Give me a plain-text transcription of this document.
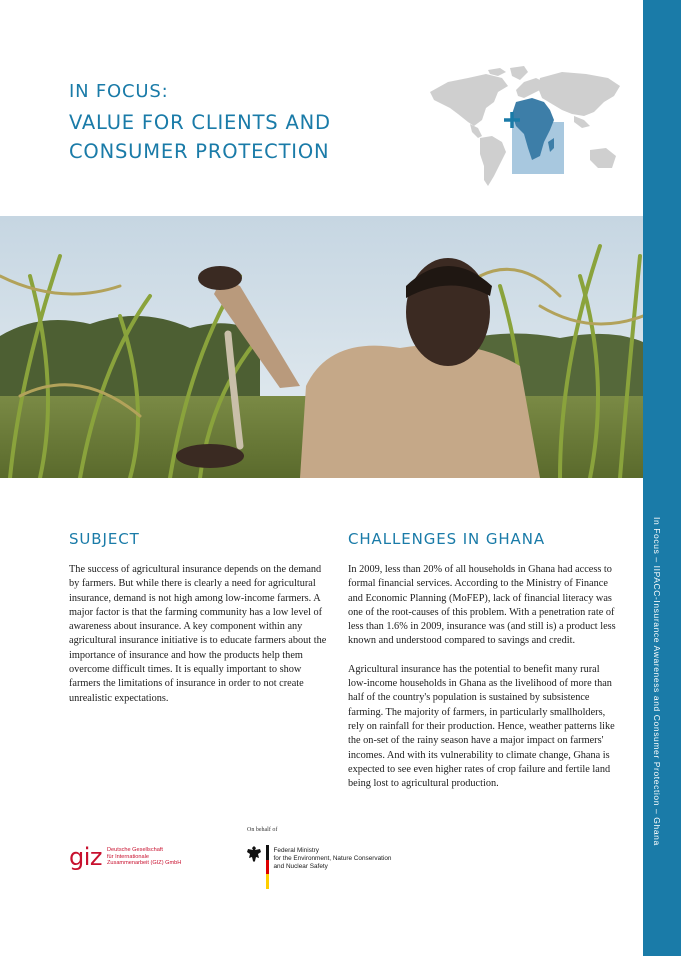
In Focus – IIPACC-Insurance Awareness and Consumer Protection – Ghana
IN FOCUS:
VALUE FOR CLIENTS AND
CONSUMER PROTECTION
SUBJECT

The success of agricultural insurance depends on the demand by farmers. But while there is clearly a need for agricultural insurance, demand is not high among low-income farmers. A major factor is that the farming community has a low level of awareness about insurance. A key component within any agricultural insurance initiative is to educate farmers about the importance of insurance and how the products help them overcome difficult times. It is equally important to show farmers the limitations of insurance in order to not create unrealistic expectations.

CHALLENGES IN GHANA

In 2009, less than 20% of all households in Ghana had access to formal financial services. According to the Ministry of Finance and Economic Planning (MoFEP), lack of financial literacy was one of the root-causes of this problem. With a penetration rate of less than 1.6% in 2009, insurance was (and still is) a product less known and understood compared to savings and credit.

Agricultural insurance has the potential to benefit many rural low-income households in Ghana as the livelihood of more than half of the country's population is sustained by subsistence farming. The majority of farmers, in particularly smallholders, rely on rainfall for their production. Hence, weather patterns like the on-set of the rainy season have a major impact on farmers' incomes. And with its vulnerability to climate change, Ghana is expected to see even higher rates of crop failure and fertile land being lost to agricultural production.

giz Deutsche Gesellschaft
für Internationale
Zusammenarbeit (GIZ) GmbH
On behalf of
Federal Ministry
for the Environment, Nature Conservation
and Nuclear Safety
